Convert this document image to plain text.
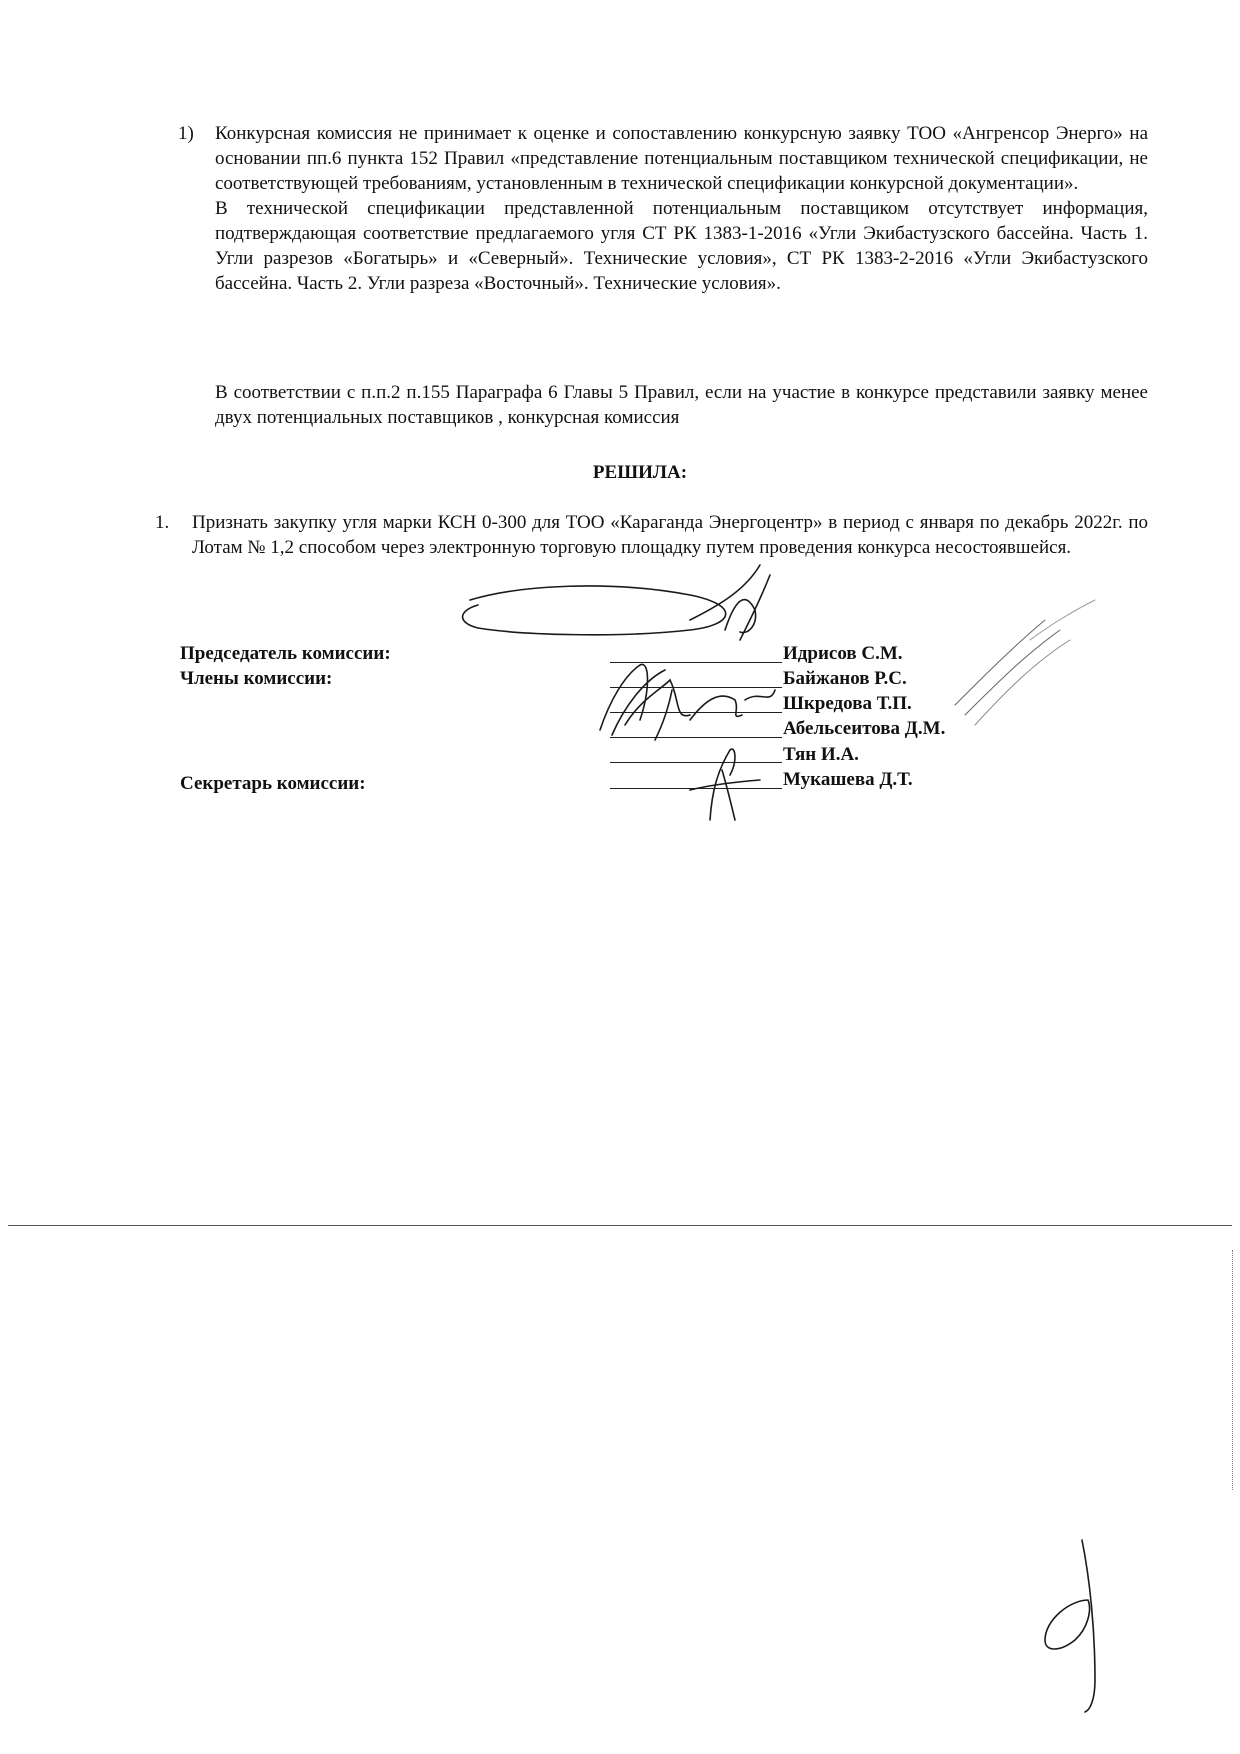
1)	Конкурсная комиссия не принимает к оценке и сопоставлению конкурсную заявку ТОО «Ангренсор Энерго» на основании пп.6 пункта 152 Правил «представление потенциальным поставщиком технической спецификации, не соответствующей требованиям, установленным в технической спецификации конкурсной документации».

В технической спецификации представленной потенциальным поставщиком отсутствует информация, подтверждающая соответствие предлагаемого угля СТ РК 1383-1-2016 «Угли Экибастузского бассейна. Часть 1. Угли разрезов «Богатырь» и «Северный». Технические условия», СТ РК 1383-2-2016 «Угли Экибастузского бассейна. Часть 2. Угли разреза «Восточный». Технические условия».

В соответствии с п.п.2 п.155 Параграфа 6 Главы 5 Правил, если на участие в конкурсе представили заявку менее двух потенциальных поставщиков , конкурсная комиссия
РЕШИЛА:
1.	Признать закупку угля марки КСН 0-300 для ТОО «Караганда Энергоцентр» в период с января по декабрь 2022г. по Лотам № 1,2 способом через электронную торговую площадку путем проведения конкурса несостоявшейся.
Председатель комиссии:
Члены комиссии:
Секретарь комиссии:
Идрисов С.М.
Байжанов Р.С.
Шкредова Т.П.
Абельсеитова Д.М.
Тян И.А.
Мукашева Д.Т.
